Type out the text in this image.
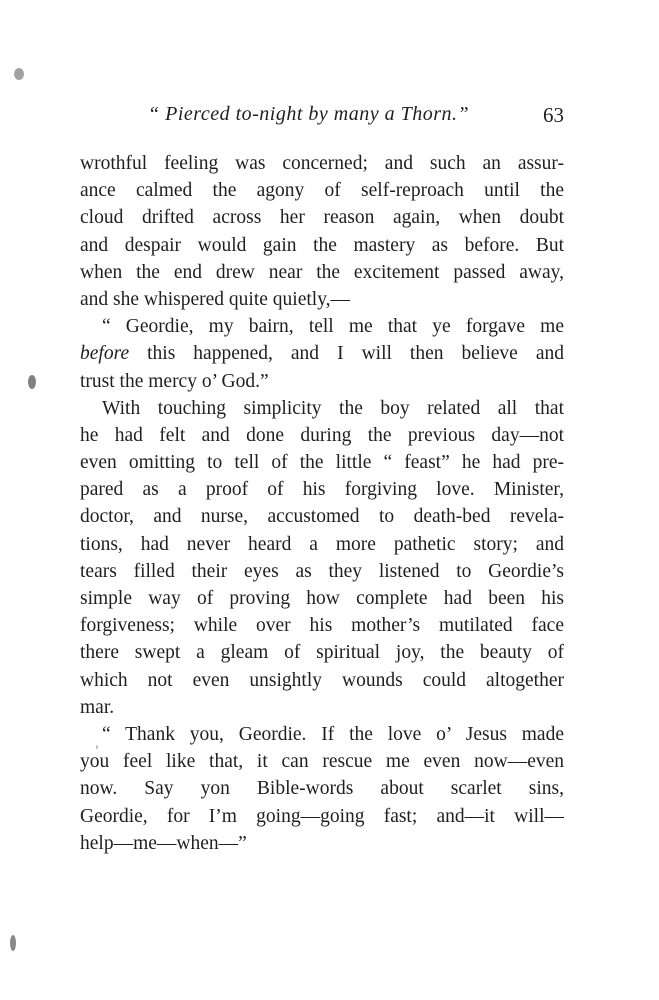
“ Pierced to-night by many a Thorn.”	63
wrothful feeling was concerned; and such an assur-
ance calmed the agony of self-reproach until the
cloud drifted across her reason again, when doubt
and despair would gain the mastery as before. But
when the end drew near the excitement passed away,
and she whispered quite quietly,—
“ Geordie, my bairn, tell me that ye forgave me
before this happened, and I will then believe and
trust the mercy o’ God.”
With touching simplicity the boy related all that
he had felt and done during the previous day—not
even omitting to tell of the little “ feast” he had pre-
pared as a proof of his forgiving love. Minister,
doctor, and nurse, accustomed to death-bed revela-
tions, had never heard a more pathetic story; and
tears filled their eyes as they listened to Geordie’s
simple way of proving how complete had been his
forgiveness; while over his mother’s mutilated face
there swept a gleam of spiritual joy, the beauty of
which not even unsightly wounds could altogether
mar.
“ Thank you, Geordie. If the love o’ Jesus made
you feel like that, it can rescue me even now—even
now. Say yon Bible-words about scarlet sins,
Geordie, for I’m going—going fast; and—it will—
help—me—when—”
